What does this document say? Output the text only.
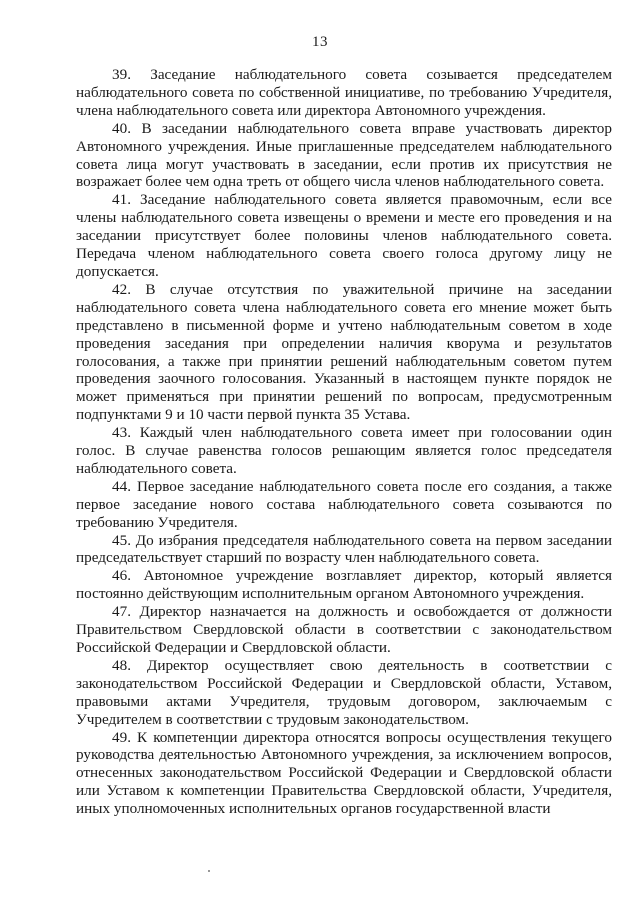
13

39. Заседание наблюдательного совета созывается председателем наблюдательного совета по собственной инициативе, по требованию Учредителя, члена наблюдательного совета или директора Автономного учреждения.

40. В заседании наблюдательного совета вправе участвовать директор Автономного учреждения. Иные приглашенные председателем наблюдательного совета лица могут участвовать в заседании, если против их присутствия не возражает более чем одна треть от общего числа членов наблюдательного совета.

41. Заседание наблюдательного совета является правомочным, если все члены наблюдательного совета извещены о времени и месте его проведения и на заседании присутствует более половины членов наблюдательного совета. Передача членом наблюдательного совета своего голоса другому лицу не допускается.

42. В случае отсутствия по уважительной причине на заседании наблюдательного совета члена наблюдательного совета его мнение может быть представлено в письменной форме и учтено наблюдательным советом в ходе проведения заседания при определении наличия кворума и результатов голосования, а также при принятии решений наблюдательным советом путем проведения заочного голосования. Указанный в настоящем пункте порядок не может применяться при принятии решений по вопросам, предусмотренным подпунктами 9 и 10 части первой пункта 35 Устава.

43. Каждый член наблюдательного совета имеет при голосовании один голос. В случае равенства голосов решающим является голос председателя наблюдательного совета.

44. Первое заседание наблюдательного совета после его создания, а также первое заседание нового состава наблюдательного совета созываются по требованию Учредителя.

45. До избрания председателя наблюдательного совета на первом заседании председательствует старший по возрасту член наблюдательного совета.

46. Автономное учреждение возглавляет директор, который является постоянно действующим исполнительным органом Автономного учреждения.

47. Директор назначается на должность и освобождается от должности Правительством Свердловской области в соответствии с законодательством Российской Федерации и Свердловской области.

48. Директор осуществляет свою деятельность в соответствии с законодательством Российской Федерации и Свердловской области, Уставом, правовыми актами Учредителя, трудовым договором, заключаемым с Учредителем в соответствии с трудовым законодательством.

49. К компетенции директора относятся вопросы осуществления текущего руководства деятельностью Автономного учреждения, за исключением вопросов, отнесенных законодательством Российской Федерации и Свердловской области или Уставом к компетенции Правительства Свердловской области, Учредителя, иных уполномоченных исполнительных органов государственной власти
